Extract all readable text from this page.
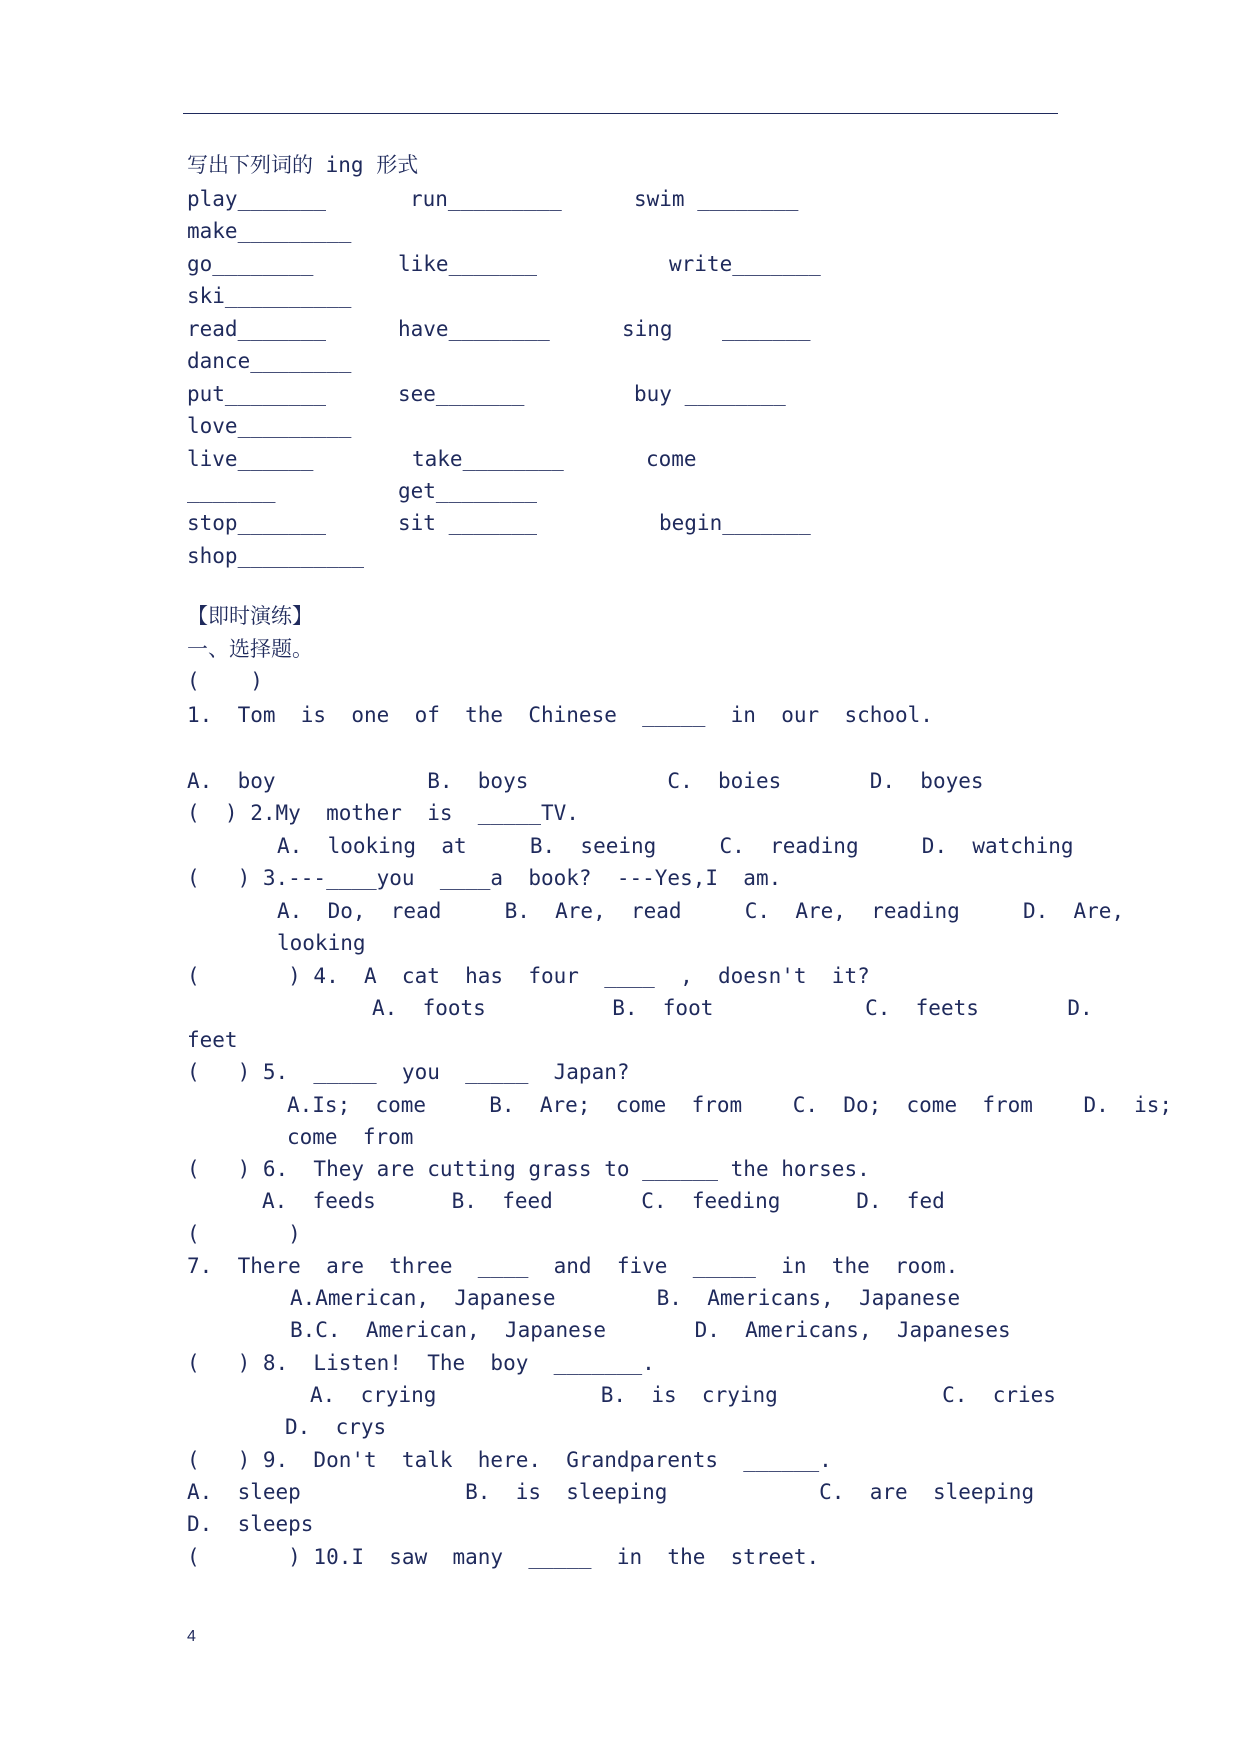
写出下列词的 ing 形式
play_______	run_________	swim ________
make_________
go________	like_______	write_______
ski__________
read_______	have________	sing _______
dance________
put________	see_______	buy ________
love_________
live______	take________	come
_______	get________
stop_______	sit _______	begin_______
shop__________
【即时演练】
一、选择题。
(    )
1.  Tom  is  one  of  the  Chinese  _____  in  our  school.
A.  boy            B.  boys           C.  boies       D.  boyes
(  ) 2.My  mother  is  _____TV.
A.  looking  at     B.  seeing     C.  reading     D.  watching
(   ) 3.---____you  ____a  book?  ---Yes,I  am.
A.  Do,  read     B.  Are,  read     C.  Are,  reading     D.  Are,
looking
(       ) 4.  A  cat  has  four  ____  ,  doesn't  it?
A.  foots          B.  foot            C.  feets       D.
feet
(   ) 5.  _____  you  _____  Japan?
A.Is;  come     B.  Are;  come  from    C.  Do;  come  from    D.  is;
come  from
(   ) 6.  They are cutting grass to ______ the horses.
A.  feeds      B.  feed       C.  feeding      D.  fed
(       )
7.  There  are  three  ____  and  five  _____  in  the  room.
A.American,  Japanese        B.  Americans,  Japanese
B.C.  American,  Japanese       D.  Americans,  Japaneses
(   ) 8.  Listen!  The  boy  _______.
A.  crying             B.  is  crying             C.  cries
D.  crys
(   ) 9.  Don't  talk  here.  Grandparents  ______.
A.  sleep             B.  is  sleeping            C.  are  sleeping
D.  sleeps
(       ) 10.I  saw  many  _____  in  the  street.
4
